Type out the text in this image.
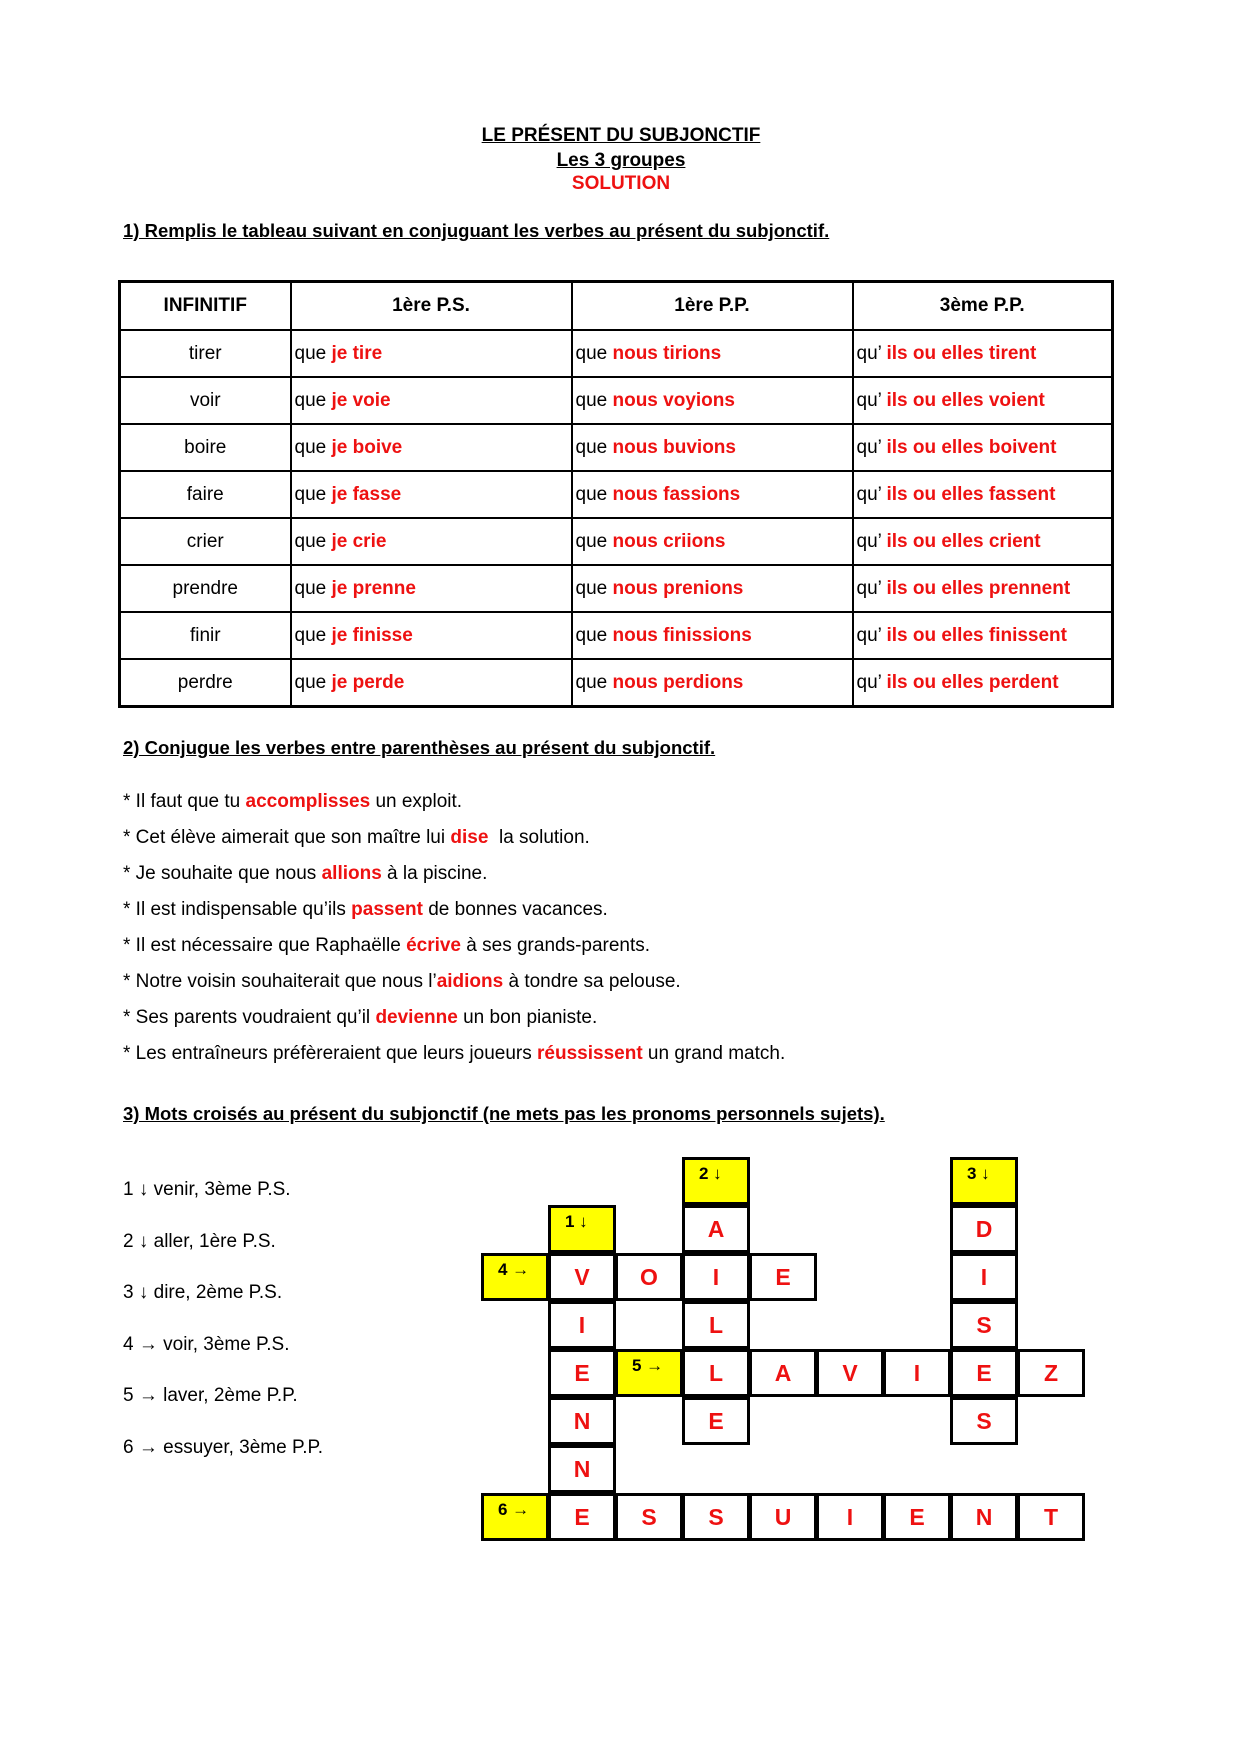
LE PRÉSENT DU SUBJONCTIF
Les 3 groupes
SOLUTION
1) Remplis le tableau suivant en conjuguant les verbes au présent du subjonctif.
INFINITIF	1ère P.S.	1ère P.P.	3ème P.P.
tirer	que je tire	que nous tirions	qu’ ils ou elles tirent
voir	que je voie	que nous voyions	qu’ ils ou elles voient
boire	que je boive	que nous buvions	qu’ ils ou elles boivent
faire	que je fasse	que nous fassions	qu’ ils ou elles fassent
crier	que je crie	que nous criions	qu’ ils ou elles crient
prendre	que je prenne	que nous prenions	qu’ ils ou elles prennent
finir	que je finisse	que nous finissions	qu’ ils ou elles finissent
perdre	que je perde	que nous perdions	qu’ ils ou elles perdent
2) Conjugue les verbes entre parenthèses au présent du subjonctif.
* Il faut que tu accomplisses un exploit.
* Cet élève aimerait que son maître lui dise  la solution.
* Je souhaite que nous allions à la piscine.
* Il est indispensable qu’ils passent de bonnes vacances.
* Il est nécessaire que Raphaëlle écrive à ses grands-parents.
* Notre voisin souhaiterait que nous l’aidions à tondre sa pelouse.
* Ses parents voudraient qu’il devienne un bon pianiste.
* Les entraîneurs préfèreraient que leurs joueurs réussissent un grand match.
3) Mots croisés au présent du subjonctif (ne mets pas les pronoms personnels sujets).
1 ↓ venir, 3ème P.S.
2 ↓ aller, 1ère P.S.
3 ↓ dire, 2ème P.S.
4 → voir, 3ème P.S.
5 → laver, 2ème P.P.
6 → essuyer, 3ème P.P.
2 ↓	3 ↓
1 ↓
4 →
5 →
6 →
V
I
E
N
N
E
A
I
L
L
E
D
I
S
E
S
O	E
A	V	I	Z
S	S	U	I	E	N	T
